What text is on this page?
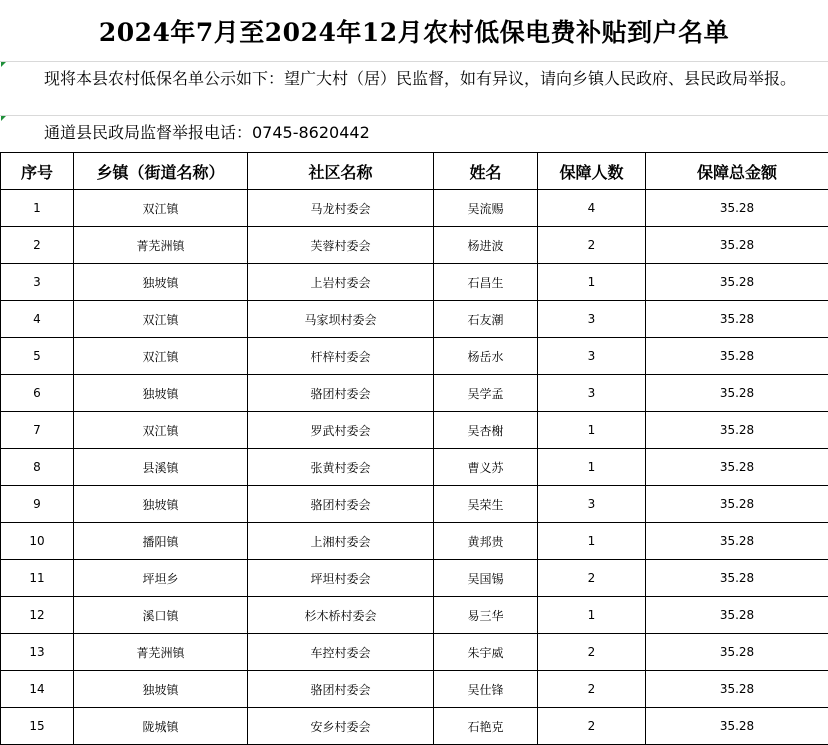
2024年7月至2024年12月农村低保电费补贴到户名单
现将本县农村低保名单公示如下：望广大村（居）民监督，如有异议，请向乡镇人民政府、县民政局举报。
通道县民政局监督举报电话：0745-8620442
序号	乡镇（街道名称）	社区名称	姓名	保障人数	保障总金额
1	双江镇	马龙村委会	吴流赐	4	35.28
2	菁芜洲镇	芙蓉村委会	杨进波	2	35.28
3	独坡镇	上岩村委会	石昌生	1	35.28
4	双江镇	马家坝村委会	石友潮	3	35.28
5	双江镇	杆梓村委会	杨岳水	3	35.28
6	独坡镇	骆团村委会	吴学孟	3	35.28
7	双江镇	罗武村委会	吴杏榭	1	35.28
8	县溪镇	张黄村委会	曹义苏	1	35.28
9	独坡镇	骆团村委会	吴荣生	3	35.28
10	播阳镇	上湘村委会	黄邦贵	1	35.28
11	坪坦乡	坪坦村委会	吴国锡	2	35.28
12	溪口镇	杉木桥村委会	易三华	1	35.28
13	菁芜洲镇	车控村委会	朱宇威	2	35.28
14	独坡镇	骆团村委会	吴仕锋	2	35.28
15	陇城镇	安乡村委会	石艳克	2	35.28
